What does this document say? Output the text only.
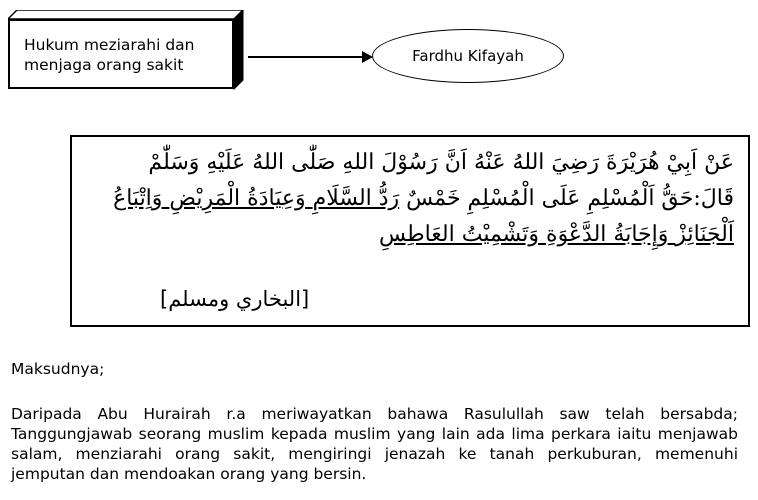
Hukum meziarahi dan
menjaga orang sakit	Fardhu Kifayah
عَنْ اَبِيْ هُرَيْرَةَ رَضِيَ اللهُ عَنْهُ اَنَّ رَسُوْلَ اللهِ صَلّٰى اللهُ عَلَيْهِ وَسَلّٰمْ
قَالَ:حَقُّ اَلْمُسْلِمِ عَلَى الْمُسْلِمِ خَمْسٌ رَدُّ السَّلَامِ وَعِيَادَةُ الْمَرِيْضِ وَاِتْبَاعُ
اَلْجَنَائِزْ وَإِجَابَةُ الدَّعْوَةِ وَتَشْمِيْتُ العَاطِسِ
[البخاري ومسلم]
Maksudnya;
Daripada Abu Hurairah r.a meriwayatkan bahawa Rasulullah saw telah bersabda; Tanggungjawab seorang muslim kepada muslim yang lain ada lima perkara iaitu menjawab salam, menziarahi orang sakit, mengiringi jenazah ke tanah perkuburan, memenuhi jemputan dan mendoakan orang yang bersin.
